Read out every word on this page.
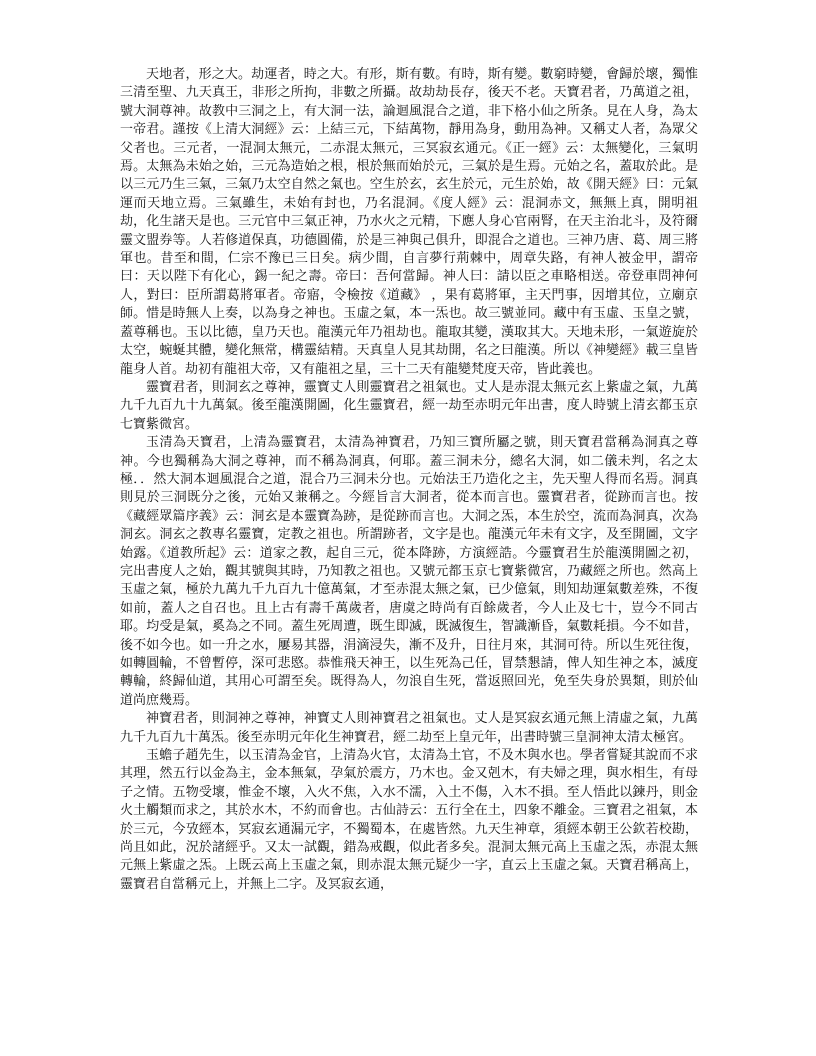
天地者，形之大。劫運者，時之大。有形，斯有數。有時，斯有變。數窮時變，會歸於壞，獨惟三清至聖、九天真王，非形之所拘，非數之所攝。故劫劫長存，後天不老。天寶君者，乃萬道之祖，號大洞尊神。故教中三洞之上，有大洞一法，論迴風混合之道，非下格小仙之所条。見在人身，為太一帝君。謹按《上清大洞經》云：上結三元，下結萬物，靜用為身，動用為神。又稱丈人者，為眾父父者也。三元者，一混洞太無元，二赤混太無元，三冥寂玄通元。《正一經》云：太無變化，三氣明焉。太無為未始之始，三元為造始之根，根於無而始於元，三氣於是生焉。元始之名，蓋取於此。是以三元乃生三氣，三氣乃太空自然之氣也。空生於玄，玄生於元，元生於始，故《開天經》曰：元氣運而天地立焉。三氣雖生，未始有封也，乃名混洞。《度人經》云：混洞赤文，無無上真，開明祖劫，化生諸天是也。三元官中三氣正神，乃水火之元精，下應人身心官兩腎，在天主治北斗，及符爾靈文盟券等。人若修道保真，功德圓備，於是三神與己俱升，即混合之道也。三神乃唐、葛、周三將軍也。昔至和間，仁宗不豫已三日矣。病少間，自言夢行荊棘中，周章失路，有神人被金甲，謂帝曰：天以陛下有化心，錫一紀之壽。帝曰：吾何當歸。神人曰：請以臣之車略相送。帝登車問神何人，對曰：臣所謂葛將軍者。帝寤，令檢按《道藏》 ，果有葛將軍，主天門事，因增其位，立廟京師。惜是時無人上奏，以為身之神也。玉虛之氣，本一炁也。故三號並同。藏中有玉虛、玉皇之號，蓋尊稱也。玉以比德，皇乃天也。龍漢元年乃祖劫也。龍取其變，漢取其大。天地未形，一氣遊旋於太空，蜿蜒其體，變化無常，構靈結精。天真皇人見其劫開，名之曰龍漢。所以《神變經》載三皇皆龍身人首。劫初有龍祖大帝，又有龍祖之星，三十二天有龍變梵度天帝，皆此義也。

靈寶君者，則洞玄之尊神，靈寶丈人則靈寶君之祖氣也。丈人是赤混太無元玄上紫虛之氣，九萬九千九百九十九萬氣。後至龍漢開圖，化生靈寶君，經一劫至赤明元年出書，度人時號上清玄都玉京七寶紫微宮。

玉清為天寶君，上清為靈寶君，太清為神寶君，乃知三寶所屬之號，則天寶君當稱為洞真之尊神。今也獨稱為大洞之尊神，而不稱為洞真，何耶。蓋三洞未分，總名大洞，如二儀未判，名之太極．．然大洞本迴風混合之道，混合乃三洞未分也。元始法王乃造化之主，先天聖人得而名焉。洞真則見於三洞既分之後，元始又兼稱之。今經旨言大洞者，從本而言也。靈寶君者，從跡而言也。按《藏經眾篇序義》云：洞玄是本靈寶為跡，是從跡而言也。大洞之炁，本生於空，流而為洞真，次為洞玄。洞玄之教專名靈寶，定教之祖也。所謂跡者，文字是也。龍漢元年未有文字，及至開圖，文字始露。《道教所起》云：道家之教，起自三元，從本降跡，方演經誥。今靈寶君生於龍漢開圖之初，完出書度人之始，觀其號與其時，乃知教之祖也。又號元都玉京七寶紫微宮，乃藏經之所也。然高上玉虛之氣，極於九萬九千九百九十億萬氣，才至赤混太無之氣，已少億氣，則知劫運氣數差殊，不復如前，蓋人之自召也。且上古有壽千萬歲者，唐虞之時尚有百餘歲者，今人止及七十，豈今不同古耶。均受是氣，奚為之不同。蓋生死周遭，既生即滅，既滅復生，智識漸昏，氣數耗損。今不如昔，後不如今也。如一升之水，屢易其器，涓滴浸失，漸不及升，日往月來，其洞可待。所以生死往復，如轉圓輪，不曾暫停，深可悲愍。恭惟飛天神王，以生死為己任，冒禁懇請，俾人知生神之本，滅度轉輪，終歸仙道，其用心可謂至矣。既得為人，勿浪自生死，當返照回光，免至失身於異類，則於仙道尚庶幾焉。

神寶君者，則洞神之尊神，神寶丈人則神寶君之祖氣也。丈人是冥寂玄通元無上清虛之氣，九萬九千九百九十萬炁。後至赤明元年化生神寶君，經二劫至上皇元年，出書時號三皇洞神太清太極宮。

玉蟾子趙先生，以玉清為金官，上清為火官，太清為土官，不及木與水也。學者嘗疑其說而不求其理，然五行以金為主，金本無氣，孕氣於震方，乃木也。金又剋木，有夫婦之理，與水相生，有母子之情。五物受壞，惟金不壞，入火不焦，入水不濡，入土不傷，入木不損。至人悟此以鍊丹，則金火土觸類而求之，其於水木，不約而會也。古仙詩云：五行全在土，四象不離金。三寶君之祖氣，本於三元，今攷經本，冥寂玄通漏元字，不獨蜀本，在處皆然。九天生神章，須經本朝王公欽若校勘，尚且如此，況於諸經乎。又太一試觀，錯為戒觀，似此者多矣。混洞太無元高上玉虛之炁，赤混太無元無上紫虛之炁。上既云高上玉虛之氣，則赤混太無元疑少一字，直云上玉虛之氣。天寶君稱高上，靈寶君自當稱元上，并無上二字。及冥寂玄通，
